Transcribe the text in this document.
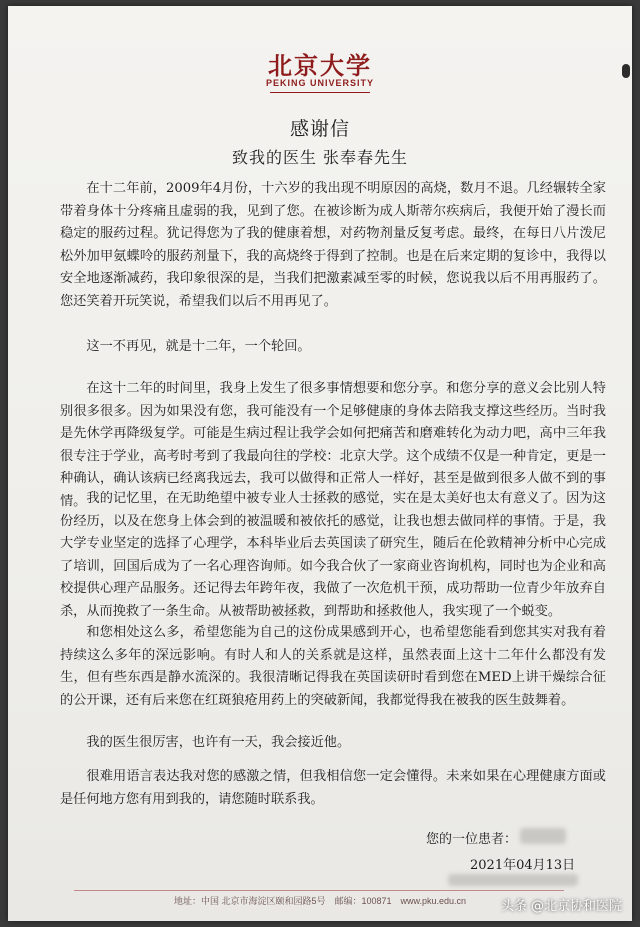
北京大学
PEKING UNIVERSITY
感谢信
致我的医生 张奉春先生

在十二年前，2009年4月份，十六岁的我出现不明原因的高烧，数月不退。几经辗转全家带着身体十分疼痛且虚弱的我，见到了您。在被诊断为成人斯蒂尔疾病后，我便开始了漫长而稳定的服药过程。犹记得您为了我的健康着想，对药物剂量反复考虑。最终，在每日八片泼尼松外加甲氨蝶呤的服药剂量下，我的高烧终于得到了控制。也是在后来定期的复诊中，我得以安全地逐渐减药，我印象很深的是，当我们把激素减至零的时候，您说我以后不用再服药了。您还笑着开玩笑说，希望我们以后不用再见了。

这一不再见，就是十二年，一个轮回。

在这十二年的时间里，我身上发生了很多事情想要和您分享。和您分享的意义会比别人特别很多很多。因为如果没有您，我可能没有一个足够健康的身体去陪我支撑这些经历。当时我是先休学再降级复学。可能是生病过程让我学会如何把痛苦和磨难转化为动力吧，高中三年我很专注于学业，高考时考到了我最向往的学校：北京大学。这个成绩不仅是一种肯定，更是一种确认，确认该病已经离我远去，我可以做得和正常人一样好，甚至是做到很多人做不到的事情。 我的记忆里，在无助绝望中被专业人士拯救的感觉，实在是太美好也太有意义了。因为这份经历，以及在您身上体会到的被温暖和被依托的感觉，让我也想去做同样的事情。于是，我大学专业坚定的选择了心理学，本科毕业后去英国读了研究生，随后在伦敦精神分析中心完成了培训，回国后成为了一名心理咨询师。如今我合伙了一家商业咨询机构，同时也为企业和高校提供心理产品服务。还记得去年跨年夜，我做了一次危机干预，成功帮助一位青少年放弃自杀，从而挽救了一条生命。从被帮助被拯救，到帮助和拯救他人，我实现了一个蜕变。

和您相处这么多，希望您能为自己的这份成果感到开心，也希望您能看到您其实对我有着持续这么多年的深远影响。有时人和人的关系就是这样，虽然表面上这十二年什么都没有发生，但有些东西是静水流深的。我很清晰记得我在英国读研时看到您在MED上讲干燥综合征的公开课，还有后来您在红斑狼疮用药上的突破新闻，我都觉得我在被我的医生鼓舞着。

我的医生很厉害，也许有一天，我会接近他。

很难用语言表达我对您的感激之情，但我相信您一定会懂得。未来如果在心理健康方面或是任何地方您有用到我的，请您随时联系我。

您的一位患者：
2021年04月13日
地址：中国 北京市海淀区颐和园路5号　邮编：100871　www.pku.edu.cn	头条 @北京协和医院
